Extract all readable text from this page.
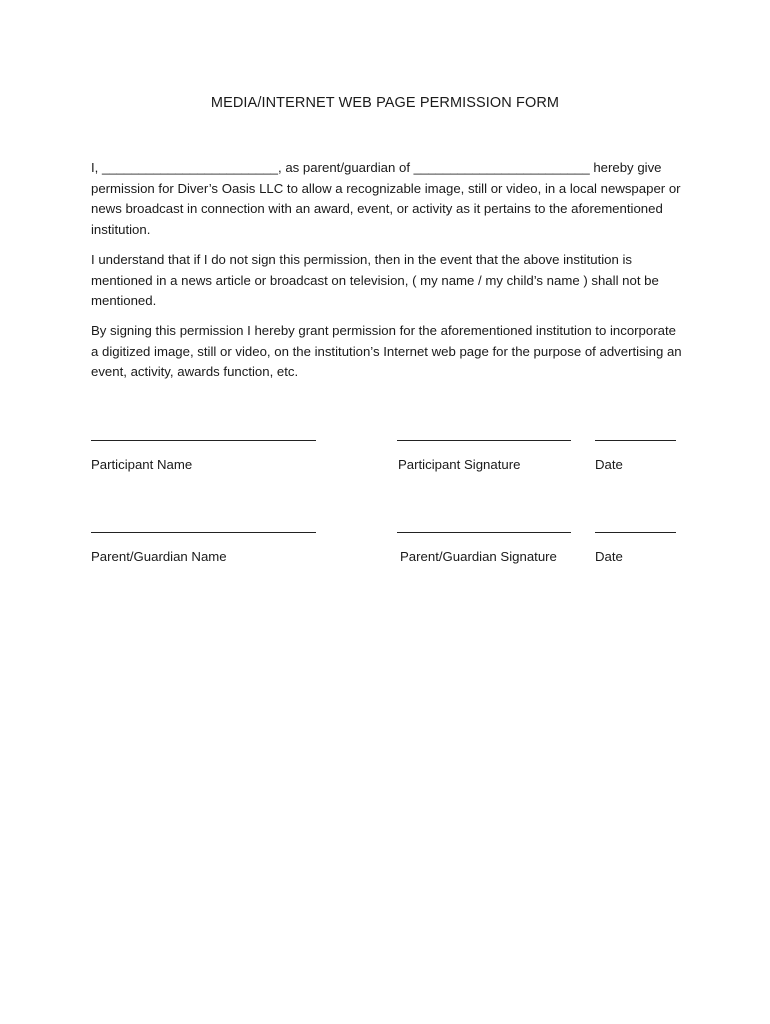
MEDIA/INTERNET WEB PAGE PERMISSION FORM
I, ________________________, as parent/guardian of ________________________ hereby give permission for Diver’s Oasis LLC to allow a recognizable image, still or video, in a local newspaper or news broadcast in connection with an award, event, or activity as it pertains to the aforementioned institution.
I understand that if I do not sign this permission, then in the event that the above institution is mentioned in a news article or broadcast on television, ( my name / my child’s name ) shall not be mentioned.
By signing this permission I hereby grant permission for the aforementioned institution to incorporate a digitized image, still or video, on the institution’s Internet web page for the purpose of advertising an event, activity, awards function, etc.
Participant Name	Participant Signature	Date
Parent/Guardian Name	Parent/Guardian Signature	Date
